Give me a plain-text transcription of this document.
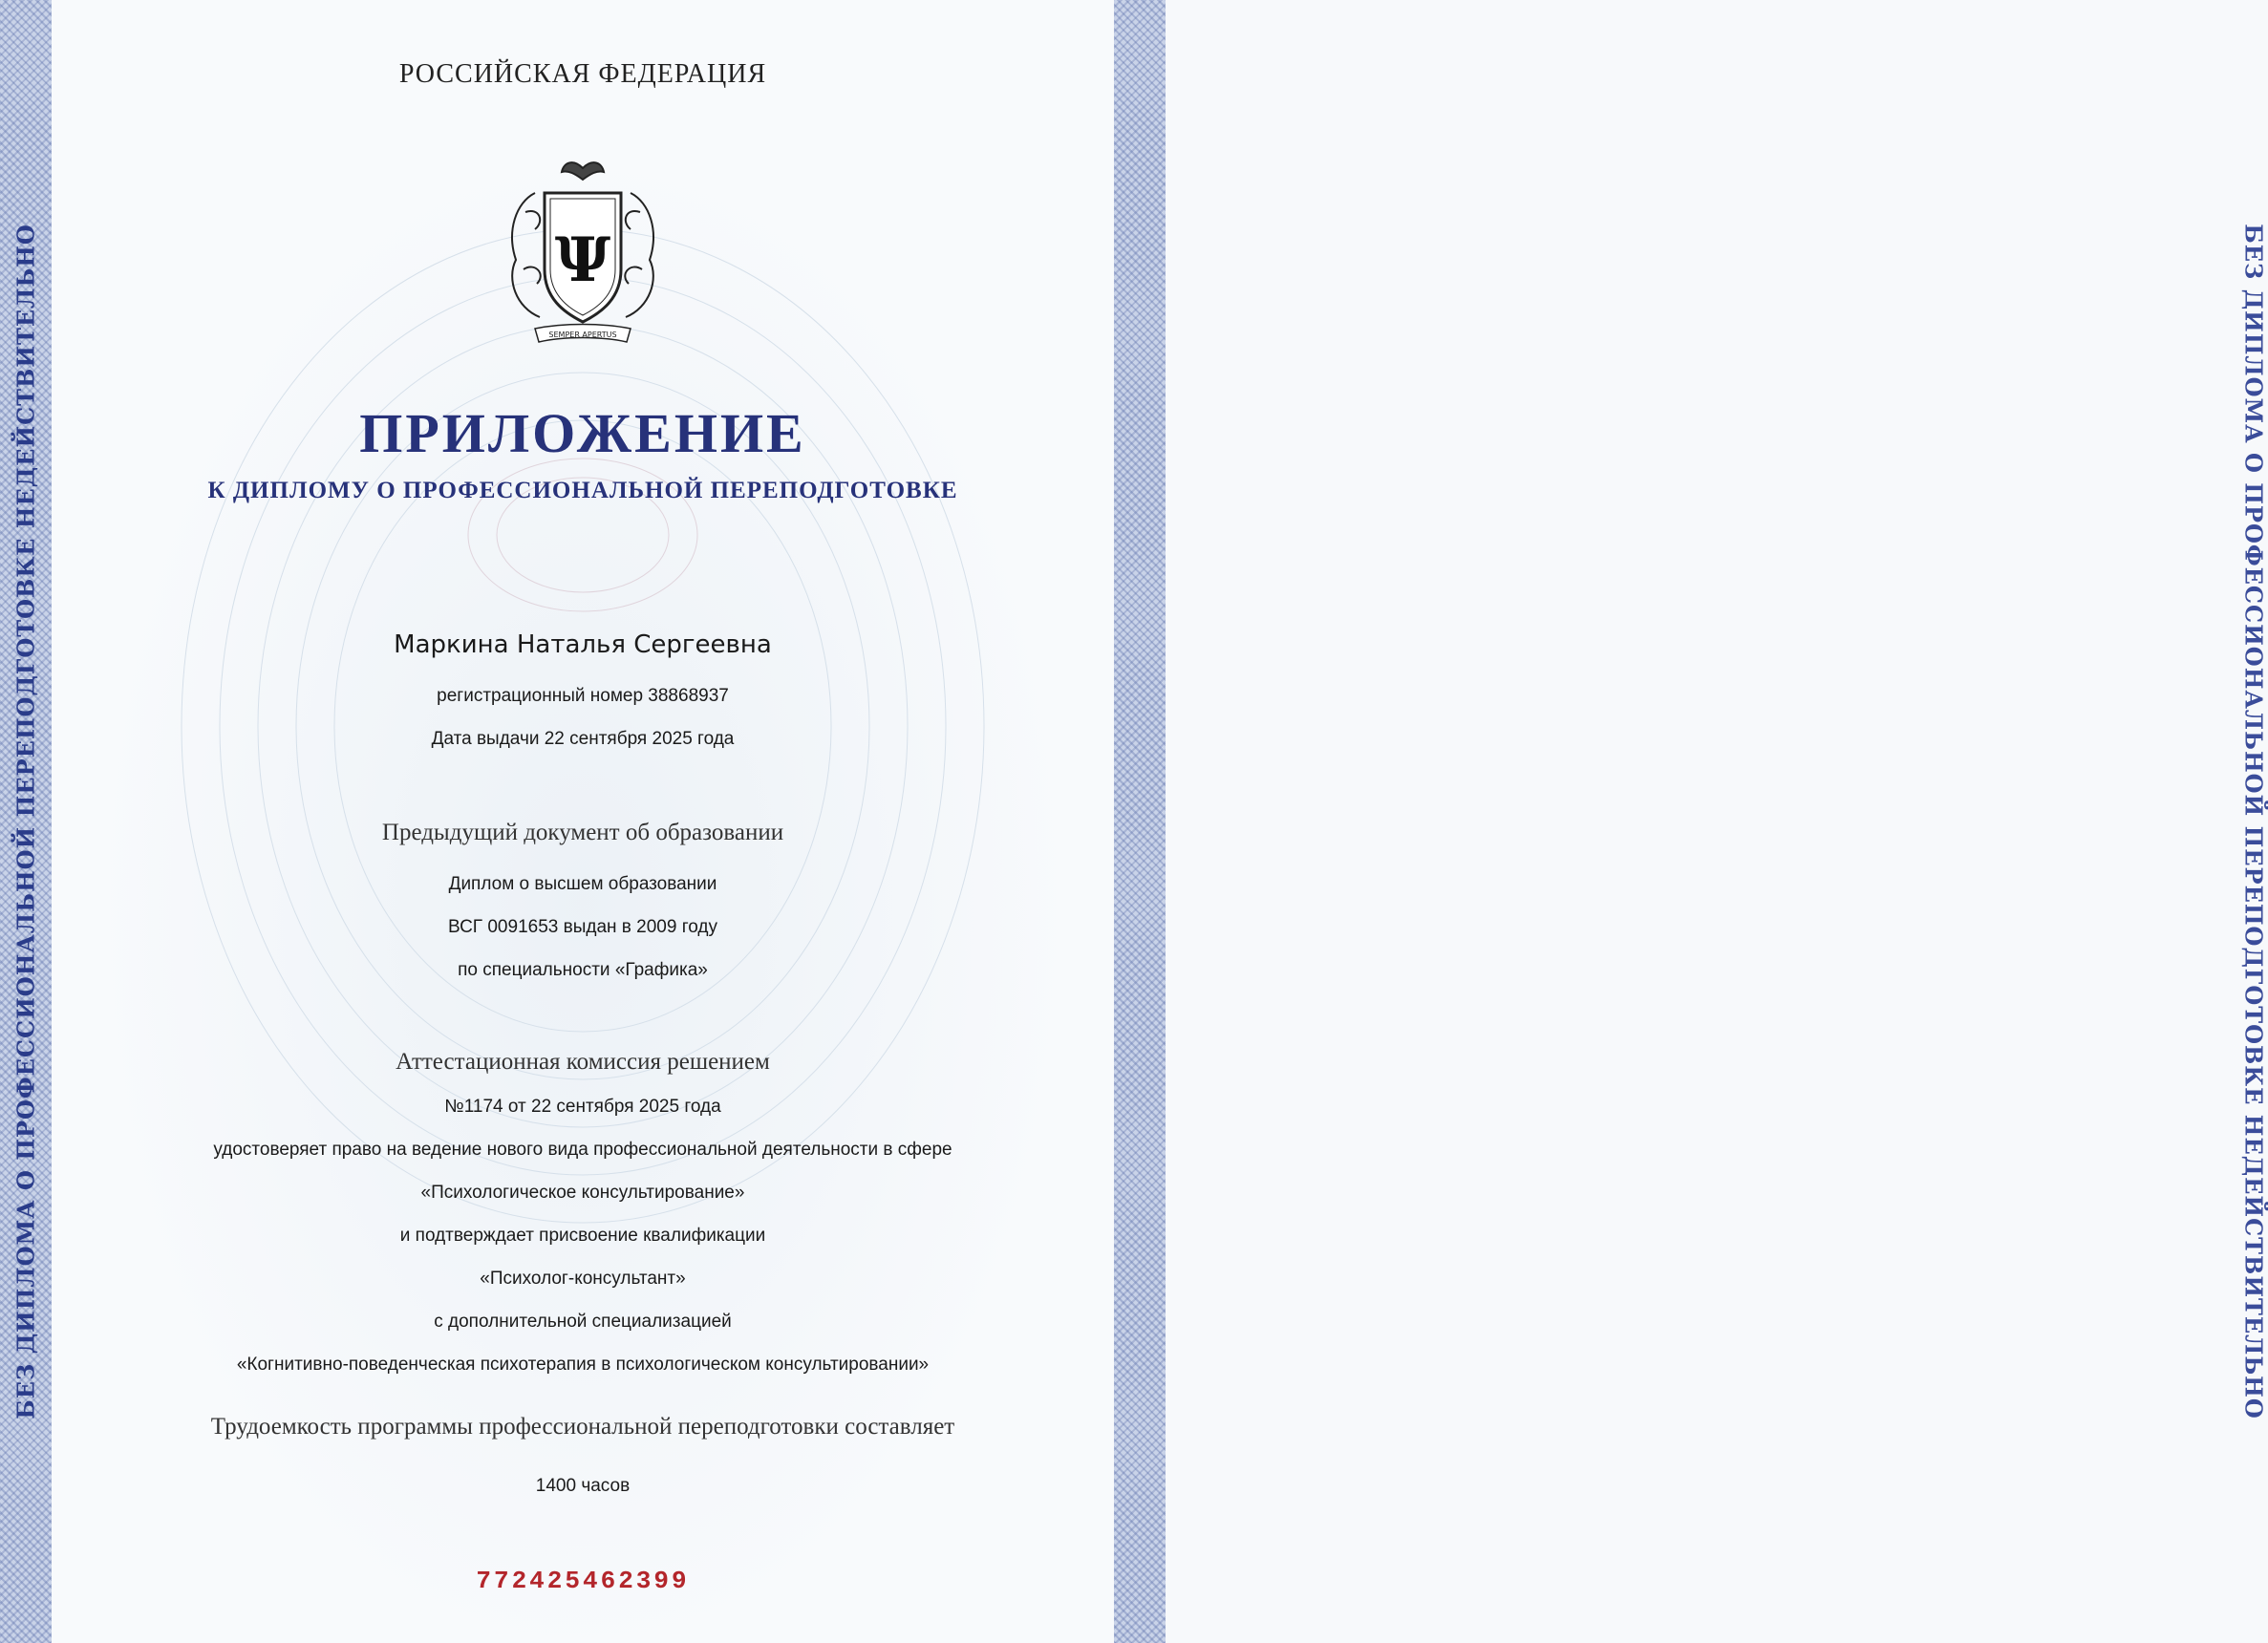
БЕЗ ДИПЛОМА О ПРОФЕССИОНАЛЬНОЙ ПЕРЕПОДГОТОВКЕ НЕДЕЙСТВИТЕЛЬНО	БЕЗ ДИПЛОМА О ПРОФЕССИОНАЛЬНОЙ ПЕРЕПОДГОТОВКЕ НЕДЕЙСТВИТЕЛЬНО
РОССИЙСКАЯ ФЕДЕРАЦИЯ
Ψ
SEMPER APERTUS
ПРИЛОЖЕНИЕ
К ДИПЛОМУ О ПРОФЕССИОНАЛЬНОЙ ПЕРЕПОДГОТОВКЕ
Маркина Наталья Сергеевна
регистрационный номер 38868937
Дата выдачи 22 сентября 2025 года
Предыдущий документ об образовании
Диплом о высшем образовании
ВСГ 0091653 выдан в 2009 году
по специальности «Графика»
Аттестационная комиссия решением
№1174 от 22 сентября 2025 года
удостоверяет право на ведение нового вида профессиональной деятельности в сфере
«Психологическое консультирование»
и подтверждает присвоение квалификации
«Психолог-консультант»
с дополнительной специализацией
«Когнитивно-поведенческая психотерапия в психологическом консультировании»
Трудоемкость программы профессиональной переподготовки составляет
1400 часов
772425462399
